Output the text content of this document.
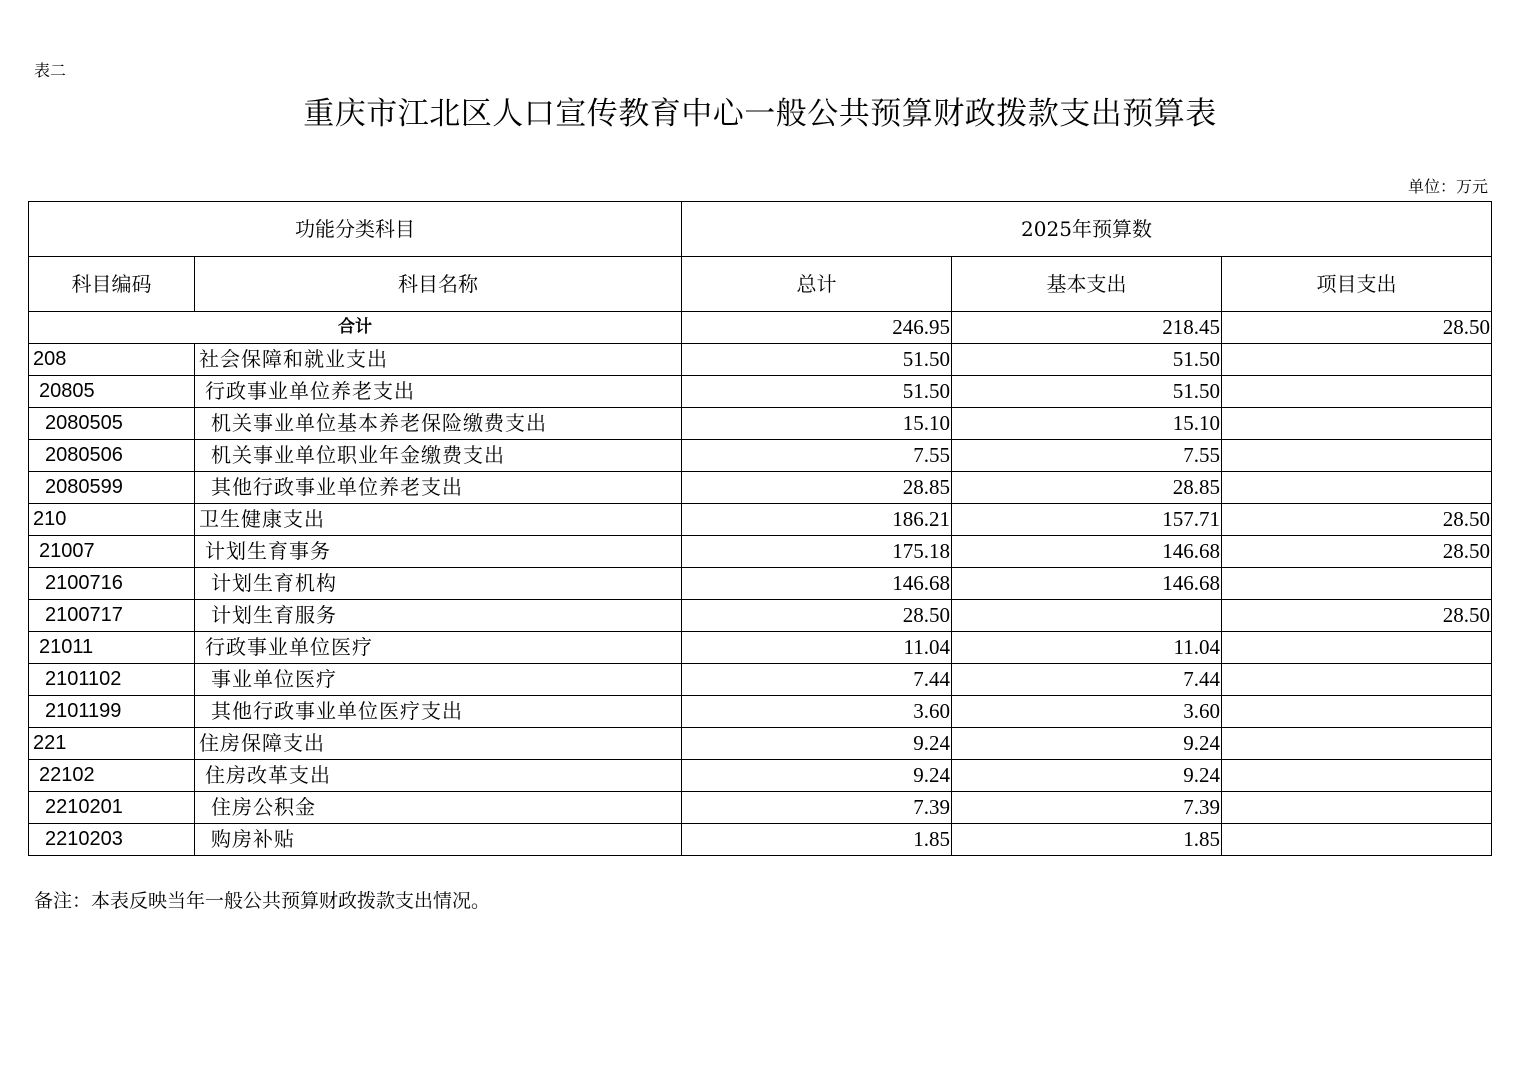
表二
重庆市江北区人口宣传教育中心一般公共预算财政拨款支出预算表
单位：万元
功能分类科目		2025年预算数		
科目编码	科目名称	总计	基本支出	项目支出
合计		246.95	218.45	28.50
208	社会保障和就业支出	51.50	51.50	
20805	行政事业单位养老支出	51.50	51.50	
2080505	机关事业单位基本养老保险缴费支出	15.10	15.10	
2080506	机关事业单位职业年金缴费支出	7.55	7.55	
2080599	其他行政事业单位养老支出	28.85	28.85	
210	卫生健康支出	186.21	157.71	28.50
21007	计划生育事务	175.18	146.68	28.50
2100716	计划生育机构	146.68	146.68	
2100717	计划生育服务	28.50		28.50
21011	行政事业单位医疗	11.04	11.04	
2101102	事业单位医疗	7.44	7.44	
2101199	其他行政事业单位医疗支出	3.60	3.60	
221	住房保障支出	9.24	9.24	
22102	住房改革支出	9.24	9.24	
2210201	住房公积金	7.39	7.39	
2210203	购房补贴	1.85	1.85	
备注：本表反映当年一般公共预算财政拨款支出情况。
